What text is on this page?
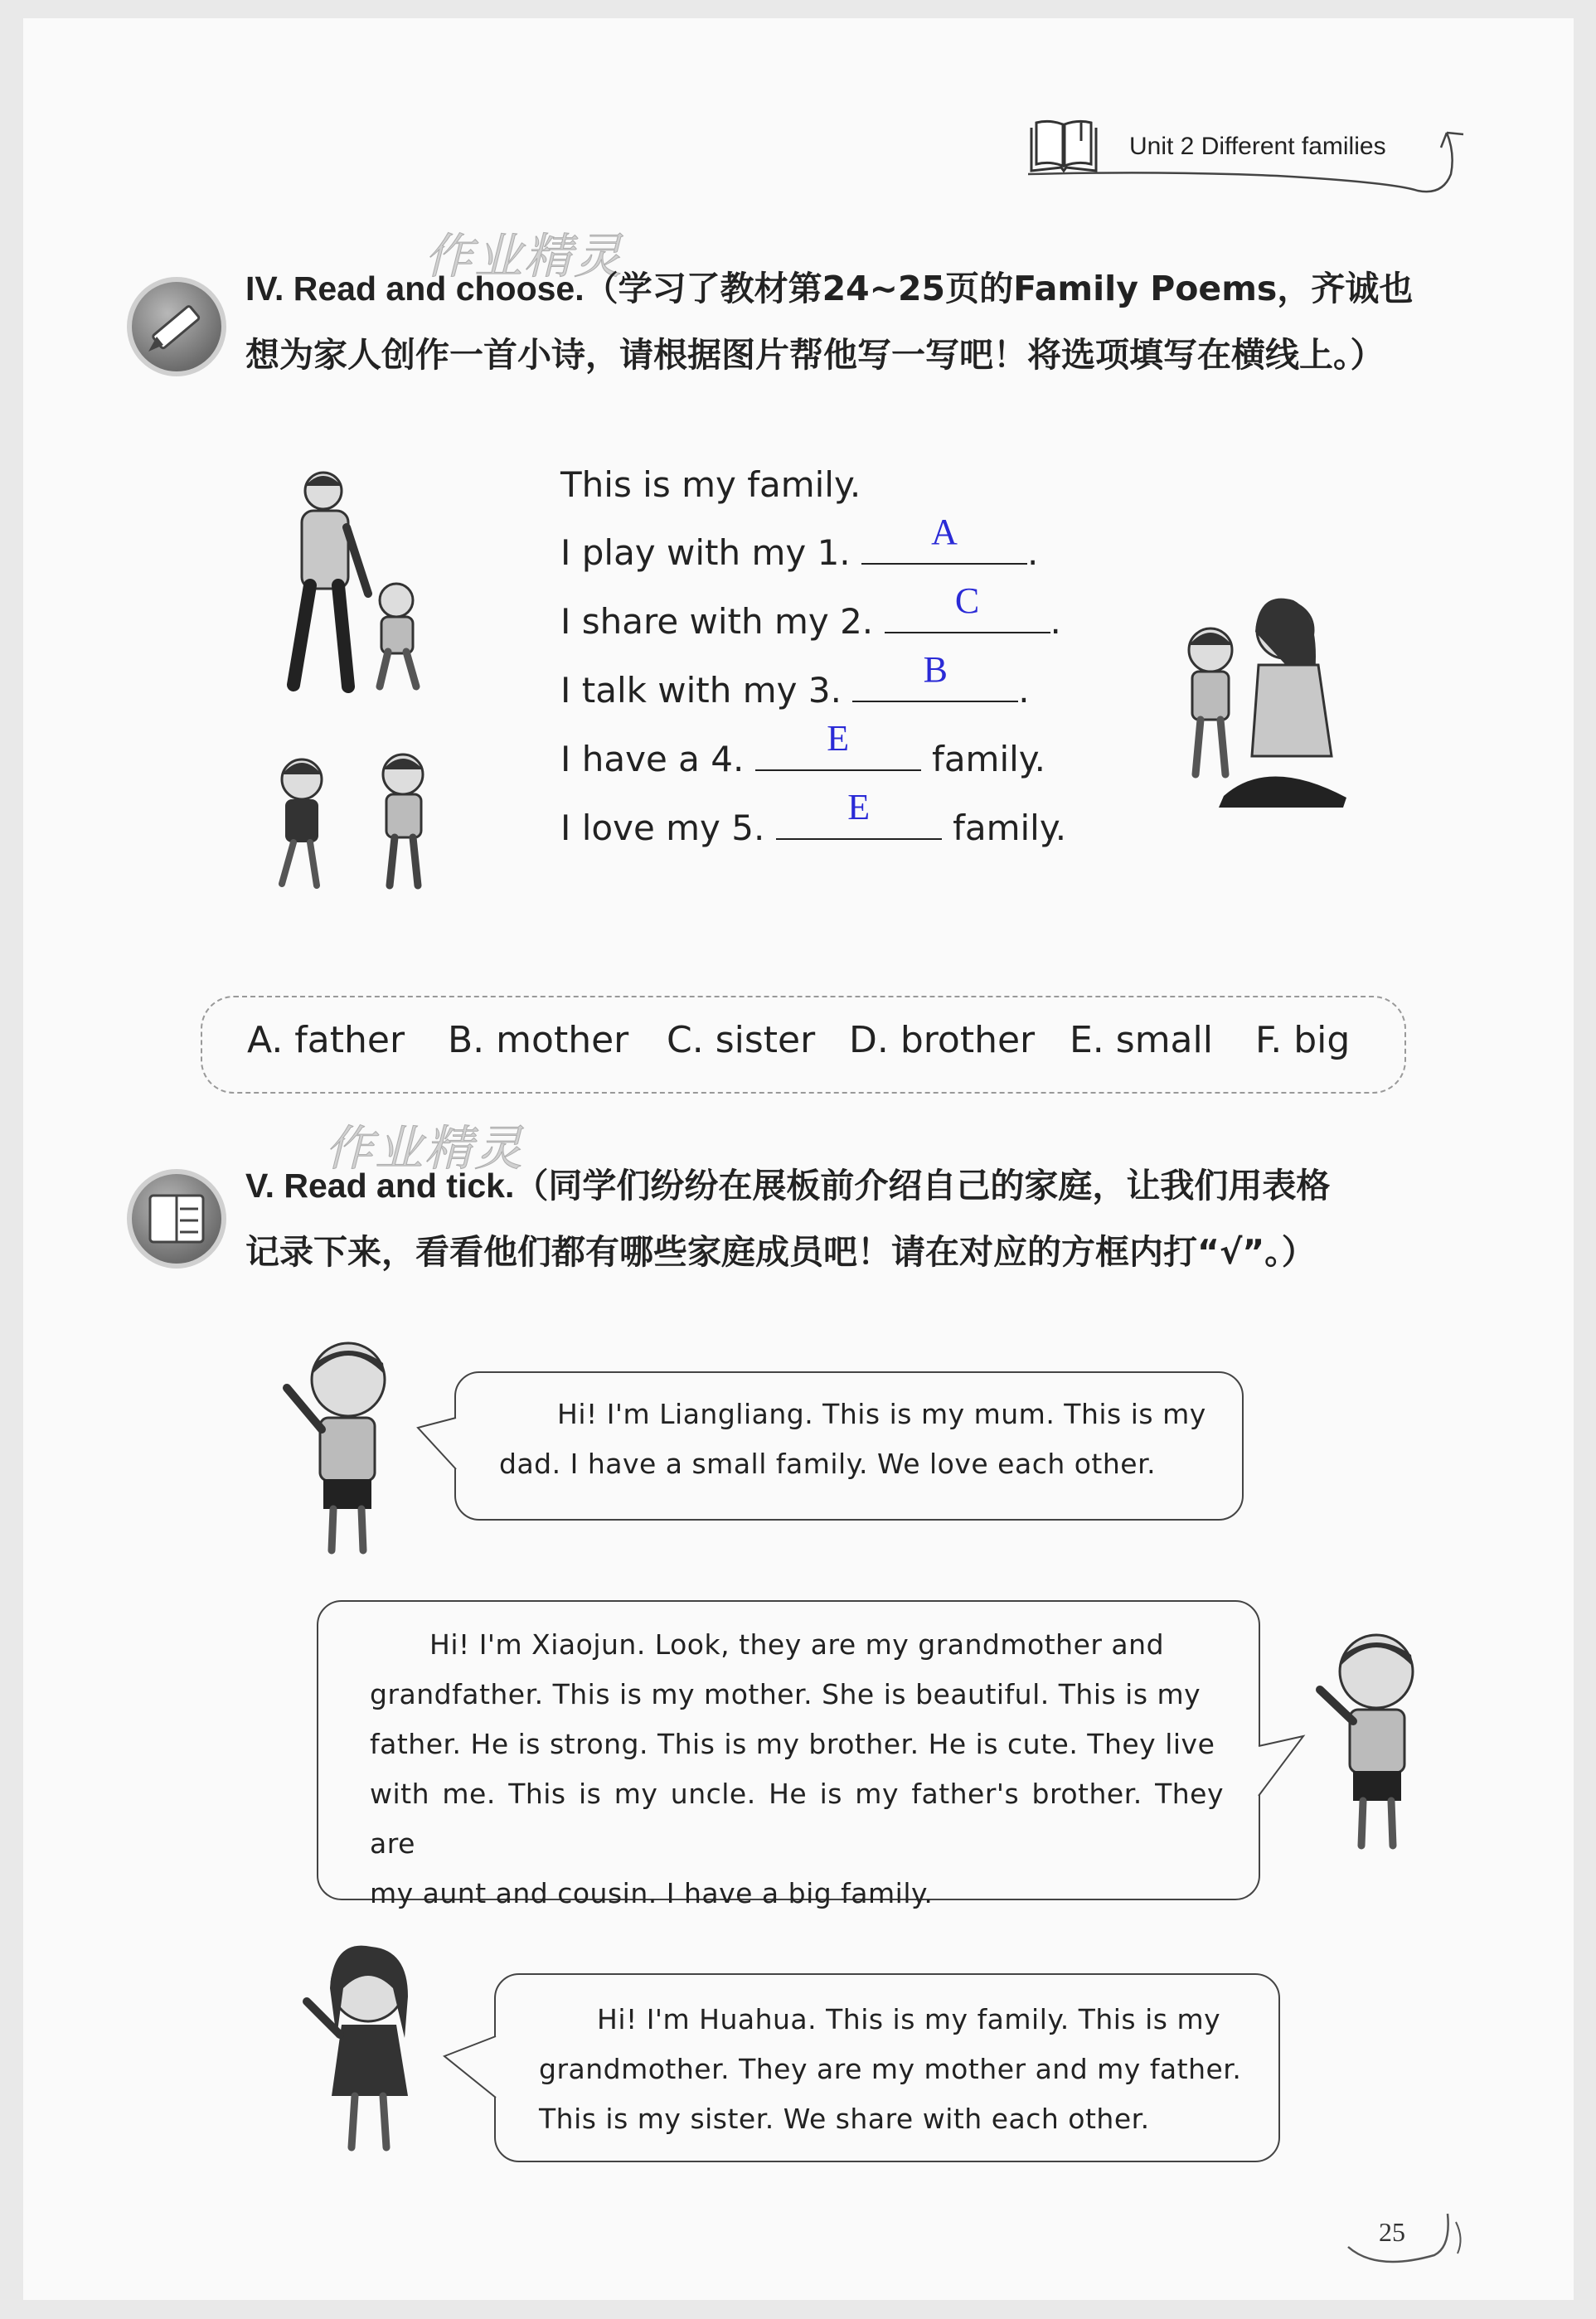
Unit 2 Different families
作业精灵
作业精灵
IV. Read and choose.（学习了教材第24~25页的Family Poems，齐诚也
想为家人创作一首小诗，请根据图片帮他写一写吧！将选项填写在横线上。）
This is my family.
I play with my 1.
A
.
I share with my 2.
C
.
I talk with my 3.
B
.
I have a 4.
E
family.
I love my 5.
E
family.
A. father B. mother C. sister D. brother E. small F. big
V. Read and tick.（同学们纷纷在展板前介绍自己的家庭，让我们用表格
记录下来，看看他们都有哪些家庭成员吧！请在对应的方框内打“√”。）
Hi! I'm Liangliang. This is my mum. This is my
dad. I have a small family. We love each other.
Hi! I'm Xiaojun. Look, they are my grandmother and
grandfather. This is my mother. She is beautiful. This is my
father. He is strong. This is my brother. He is cute. They live
with me. This is my uncle. He is my father's brother. They are
my aunt and cousin. I have a big family.
Hi! I'm Huahua. This is my family. This is my
grandmother. They are my mother and my father.
This is my sister. We share with each other.
25
